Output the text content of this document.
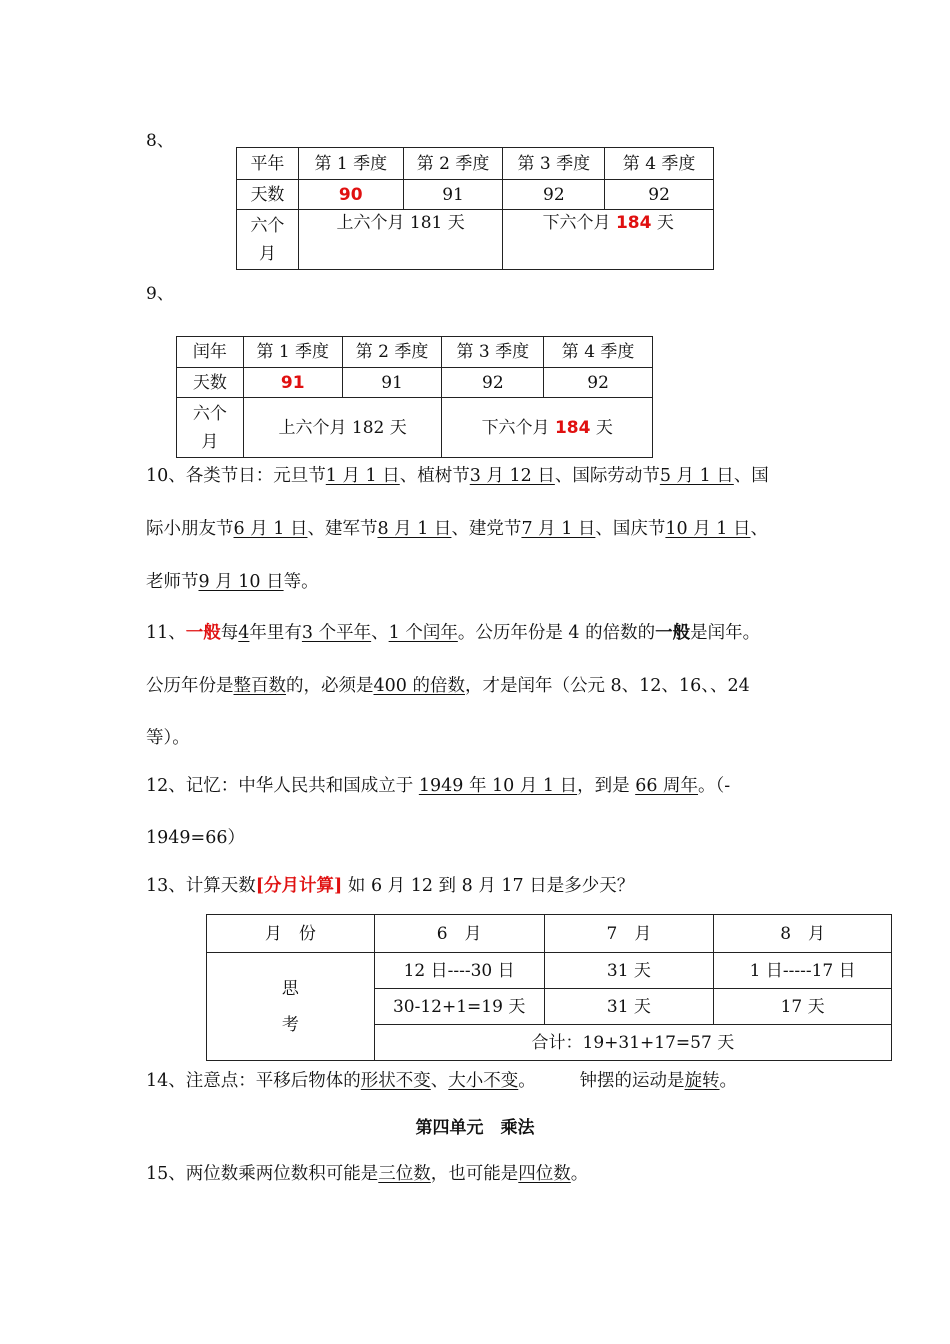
8、
平年	第 1 季度	第 2 季度	第 3 季度	第 4 季度
天数	90	91	92	92
六个
月	上六个月 181 天		下六个月 184 天	
9、
闰年	第 1 季度	第 2 季度	第 3 季度	第 4 季度
天数	91	91	92	92
六个
月	上六个月 182 天		下六个月 184 天	
10、各类节日：元旦节1 月 1 日、植树节3 月 12 日、国际劳动节5 月 1 日、国
际小朋友节6 月 1 日、建军节8 月 1 日、建党节7 月 1 日、国庆节10 月 1 日、
老师节9 月 10 日等。
11、一般每4年里有3 个平年、1 个闰年。公历年份是 4 的倍数的一般是闰年。
公历年份是整百数的，必须是400 的倍数，才是闰年（公元 8、12、16、、24
等）。
12、记忆：中华人民共和国成立于 1949 年 10 月 1 日，到是 66 周年。（-
1949=66）
13、计算天数[分月计算] 如 6 月 12 到 8 月 17 日是多少天？
月　份	6　月	7　月	8　月
思
考	12 日----30 日	31 天	1 日-----17 日
	30-12+1=19 天	31 天	17 天
	合计：19+31+17=57 天		
14、注意点：平移后物体的形状不变、大小不变。　　　钟摆的运动是旋转。
第四单元　乘法
15、两位数乘两位数积可能是三位数，也可能是四位数。
